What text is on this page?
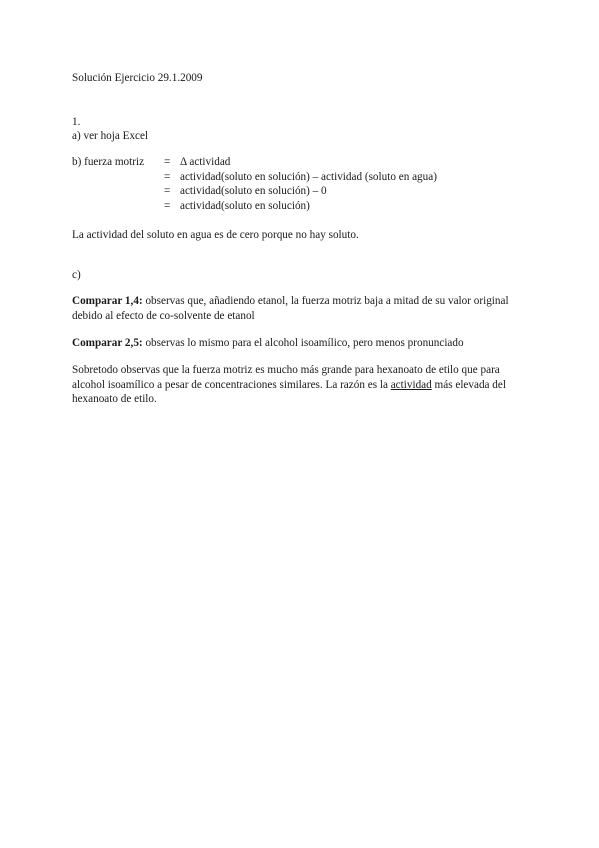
Solución Ejercicio 29.1.2009
1.
a) ver hoja Excel
b) fuerza motriz = Δ actividad
= actividad(soluto en solución) – actividad (soluto en agua)
= actividad(soluto en solución) – 0
= actividad(soluto en solución)
La actividad del soluto en agua es de cero porque no hay soluto.
c)
Comparar 1,4: observas que, añadiendo etanol, la fuerza motriz baja a mitad de su valor original debido al efecto de co-solvente de etanol
Comparar 2,5: observas lo mismo para el alcohol isoamílico, pero menos pronunciado
Sobretodo observas que la fuerza motriz es mucho más grande para hexanoato de etilo que para alcohol isoamílico a pesar de concentraciones similares. La razón es la actividad más elevada del hexanoato de etilo.
